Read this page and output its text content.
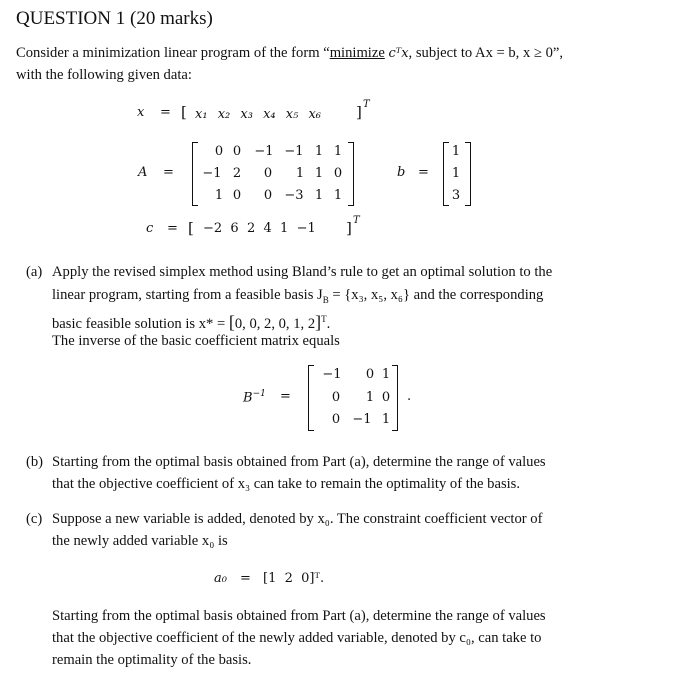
QUESTION 1 (20 marks)
Consider a minimization linear program of the form “minimize cᵀx, subject to Ax = b, x ≥ 0”,
with the following given data:
x = [ x₁ x₂ x₃ x₄ x₅ x₆ ] T
A =
0 0	−1 −1 1 1
−1 2	0	1 1 0
1 0	0 −3 1 1
b =
1
1
3
c = [ −2  6  2  4  1  −1 ] T
(a) Apply the revised simplex method using Bland’s rule to get an optimal solution to the
linear program, starting from a feasible basis $J_B = \{x_3$, x₅, x₆} and the corresponding
basic feasible solution is x* = [0, 0, 2, 0, 1, 2]$^T$.
The inverse of the basic coefficient matrix equals
$B^{-1}$ =
−1	0 1
0	1 0
0 −1 1
.
(b) Starting from the optimal basis obtained from Part (a), determine the range of values
that the objective coefficient of x₃ can take to remain the optimality of the basis.
(c) Suppose a new variable is added, denoted by x₀. The constraint coefficient vector of
the newly added variable x₀ is
a₀ = [1  2  0]ᵀ.
Starting from the optimal basis obtained from Part (a), determine the range of values
that the objective coefficient of the newly added variable, denoted by c₀, can take to
remain the optimality of the basis.
